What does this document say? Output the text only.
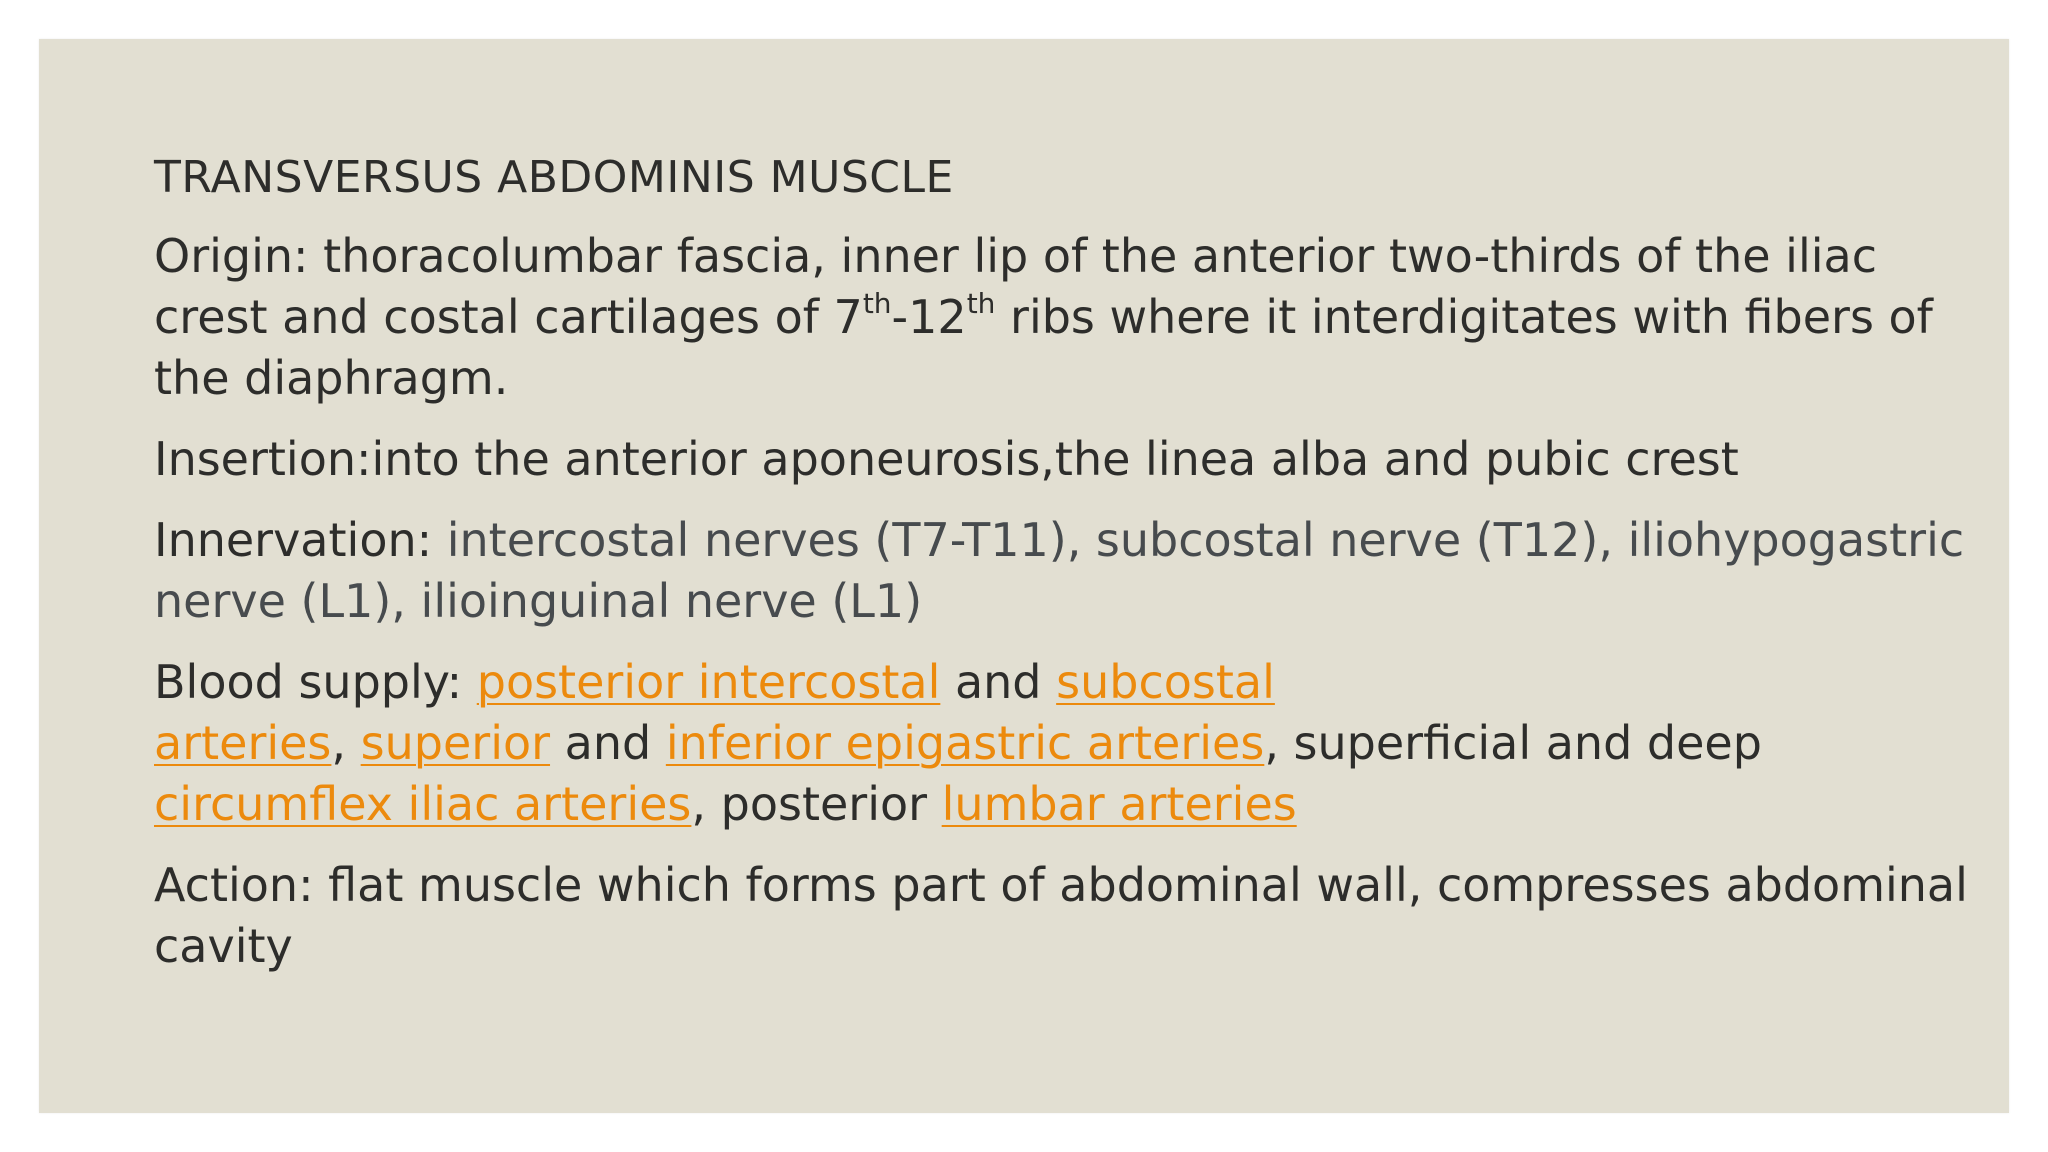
TRANSVERSUS ABDOMINIS MUSCLE
Origin: thoracolumbar fascia, inner lip of the anterior two-thirds of the iliac crest and costal cartilages of 7th-12th ribs where it interdigitates with fibers of the diaphragm.
Insertion:into the anterior aponeurosis,the linea alba and pubic crest
Innervation: intercostal nerves (T7-T11), subcostal nerve (T12), iliohypogastric nerve (L1), ilioinguinal nerve (L1)
Blood supply: posterior intercostal and subcostal
arteries, superior and inferior epigastric arteries, superficial and deep circumflex iliac arteries, posterior lumbar arteries
Action: flat muscle which forms part of abdominal wall, compresses abdominal cavity
